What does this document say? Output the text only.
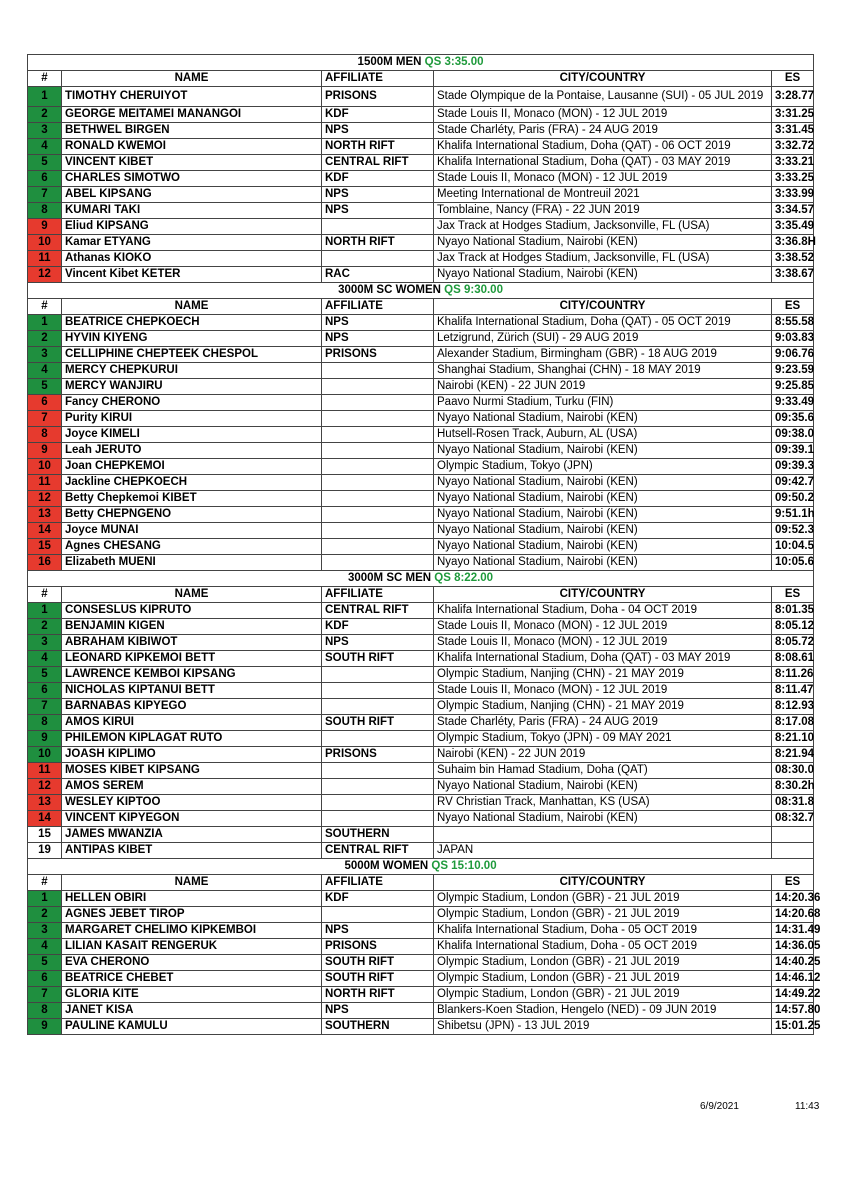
1500M MEN QS 3:35.00				
#	NAME	AFFILIATE	CITY/COUNTRY	ES
1	TIMOTHY CHERUIYOT	PRISONS	Stade Olympique de la Pontaise, Lausanne (SUI) - 05 JUL 2019	3:28.77
2	GEORGE MEITAMEI MANANGOI	KDF	Stade Louis II, Monaco (MON) - 12 JUL 2019	3:31.25
3	BETHWEL BIRGEN	NPS	Stade Charléty, Paris (FRA) - 24 AUG 2019	3:31.45
4	RONALD KWEMOI	NORTH RIFT	Khalifa International Stadium, Doha (QAT) - 06 OCT 2019	3:32.72
5	VINCENT KIBET	CENTRAL RIFT	Khalifa International Stadium, Doha (QAT) - 03 MAY 2019	3:33.21
6	CHARLES SIMOTWO	KDF	Stade Louis II, Monaco (MON) - 12 JUL 2019	3:33.25
7	ABEL KIPSANG	NPS	Meeting International de Montreuil 2021	3:33.99
8	KUMARI TAKI	NPS	Tomblaine, Nancy (FRA) - 22 JUN 2019	3:34.57
9	Eliud KIPSANG		Jax Track at Hodges Stadium, Jacksonville, FL (USA)	3:35.49
10	Kamar ETYANG	NORTH RIFT	Nyayo National Stadium, Nairobi (KEN)	3:36.8H
11	Athanas KIOKO		Jax Track at Hodges Stadium, Jacksonville, FL (USA)	3:38.52
12	Vincent Kibet KETER	RAC	Nyayo National Stadium, Nairobi (KEN)	3:38.67
3000M SC WOMEN QS 9:30.00				
#	NAME	AFFILIATE	CITY/COUNTRY	ES
1	BEATRICE CHEPKOECH	NPS	Khalifa International Stadium, Doha (QAT) - 05 OCT 2019	8:55.58
2	HYVIN KIYENG	NPS	Letzigrund, Zürich (SUI) - 29 AUG 2019	9:03.83
3	CELLIPHINE CHEPTEEK CHESPOL	PRISONS	Alexander Stadium, Birmingham (GBR) - 18 AUG 2019	9:06.76
4	MERCY CHEPKURUI		Shanghai Stadium, Shanghai (CHN) - 18 MAY 2019	9:23.59
5	MERCY WANJIRU		Nairobi (KEN) - 22 JUN 2019	9:25.85
6	Fancy CHERONO		Paavo Nurmi Stadium, Turku (FIN)	9:33.49
7	Purity KIRUI		Nyayo National Stadium, Nairobi (KEN)	09:35.6
8	Joyce KIMELI		Hutsell-Rosen Track, Auburn, AL (USA)	09:38.0
9	Leah JERUTO		Nyayo National Stadium, Nairobi (KEN)	09:39.1
10	Joan CHEPKEMOI		Olympic Stadium, Tokyo (JPN)	09:39.3
11	Jackline CHEPKOECH		Nyayo National Stadium, Nairobi (KEN)	09:42.7
12	Betty Chepkemoi KIBET		Nyayo National Stadium, Nairobi (KEN)	09:50.2
13	Betty CHEPNGENO		Nyayo National Stadium, Nairobi (KEN)	9:51.1h
14	Joyce MUNAI		Nyayo National Stadium, Nairobi (KEN)	09:52.3
15	Agnes CHESANG		Nyayo National Stadium, Nairobi (KEN)	10:04.5
16	Elizabeth MUENI		Nyayo National Stadium, Nairobi (KEN)	10:05.6
3000M SC MEN QS 8:22.00				
#	NAME	AFFILIATE	CITY/COUNTRY	ES
1	CONSESLUS KIPRUTO	CENTRAL RIFT	Khalifa International Stadium, Doha - 04 OCT 2019	8:01.35
2	BENJAMIN KIGEN	KDF	Stade Louis II, Monaco (MON) - 12 JUL 2019	8:05.12
3	ABRAHAM KIBIWOT	NPS	Stade Louis II, Monaco (MON) - 12 JUL 2019	8:05.72
4	LEONARD KIPKEMOI BETT	SOUTH RIFT	Khalifa International Stadium, Doha (QAT) - 03 MAY 2019	8:08.61
5	LAWRENCE KEMBOI KIPSANG		Olympic Stadium, Nanjing (CHN) - 21 MAY 2019	8:11.26
6	NICHOLAS KIPTANUI BETT		Stade Louis II, Monaco (MON) - 12 JUL 2019	8:11.47
7	BARNABAS KIPYEGO		Olympic Stadium, Nanjing (CHN) - 21 MAY 2019	8:12.93
8	AMOS KIRUI	SOUTH RIFT	Stade Charléty, Paris (FRA) - 24 AUG 2019	8:17.08
9	PHILEMON KIPLAGAT RUTO		Olympic Stadium, Tokyo (JPN) - 09 MAY 2021	8:21.10
10	JOASH KIPLIMO	PRISONS	Nairobi (KEN) - 22 JUN 2019	8:21.94
11	MOSES KIBET KIPSANG		Suhaim bin Hamad Stadium, Doha (QAT)	08:30.0
12	AMOS SEREM		Nyayo National Stadium, Nairobi (KEN)	8:30.2h
13	WESLEY KIPTOO		RV Christian Track, Manhattan, KS (USA)	08:31.8
14	VINCENT KIPYEGON		Nyayo National Stadium, Nairobi (KEN)	08:32.7
15	JAMES MWANZIA	SOUTHERN		
19	ANTIPAS KIBET	CENTRAL RIFT	JAPAN	
5000M WOMEN QS 15:10.00				
#	NAME	AFFILIATE	CITY/COUNTRY	ES
1	HELLEN OBIRI	KDF	Olympic Stadium, London (GBR) - 21 JUL 2019	14:20.36
2	AGNES JEBET TIROP		Olympic Stadium, London (GBR) - 21 JUL 2019	14:20.68
3	MARGARET CHELIMO KIPKEMBOI	NPS	Khalifa International Stadium, Doha - 05 OCT 2019	14:31.49
4	LILIAN KASAIT RENGERUK	PRISONS	Khalifa International Stadium, Doha - 05 OCT 2019	14:36.05
5	EVA CHERONO	SOUTH RIFT	Olympic Stadium, London (GBR) - 21 JUL 2019	14:40.25
6	BEATRICE CHEBET	SOUTH RIFT	Olympic Stadium, London (GBR) - 21 JUL 2019	14:46.12
7	GLORIA KITE	NORTH RIFT	Olympic Stadium, London (GBR) - 21 JUL 2019	14:49.22
8	JANET KISA	NPS	Blankers-Koen Stadion, Hengelo (NED) - 09 JUN 2019	14:57.80
9	PAULINE KAMULU	SOUTHERN	Shibetsu (JPN) - 13 JUL 2019	15:01.25
6/9/2021	11:43
